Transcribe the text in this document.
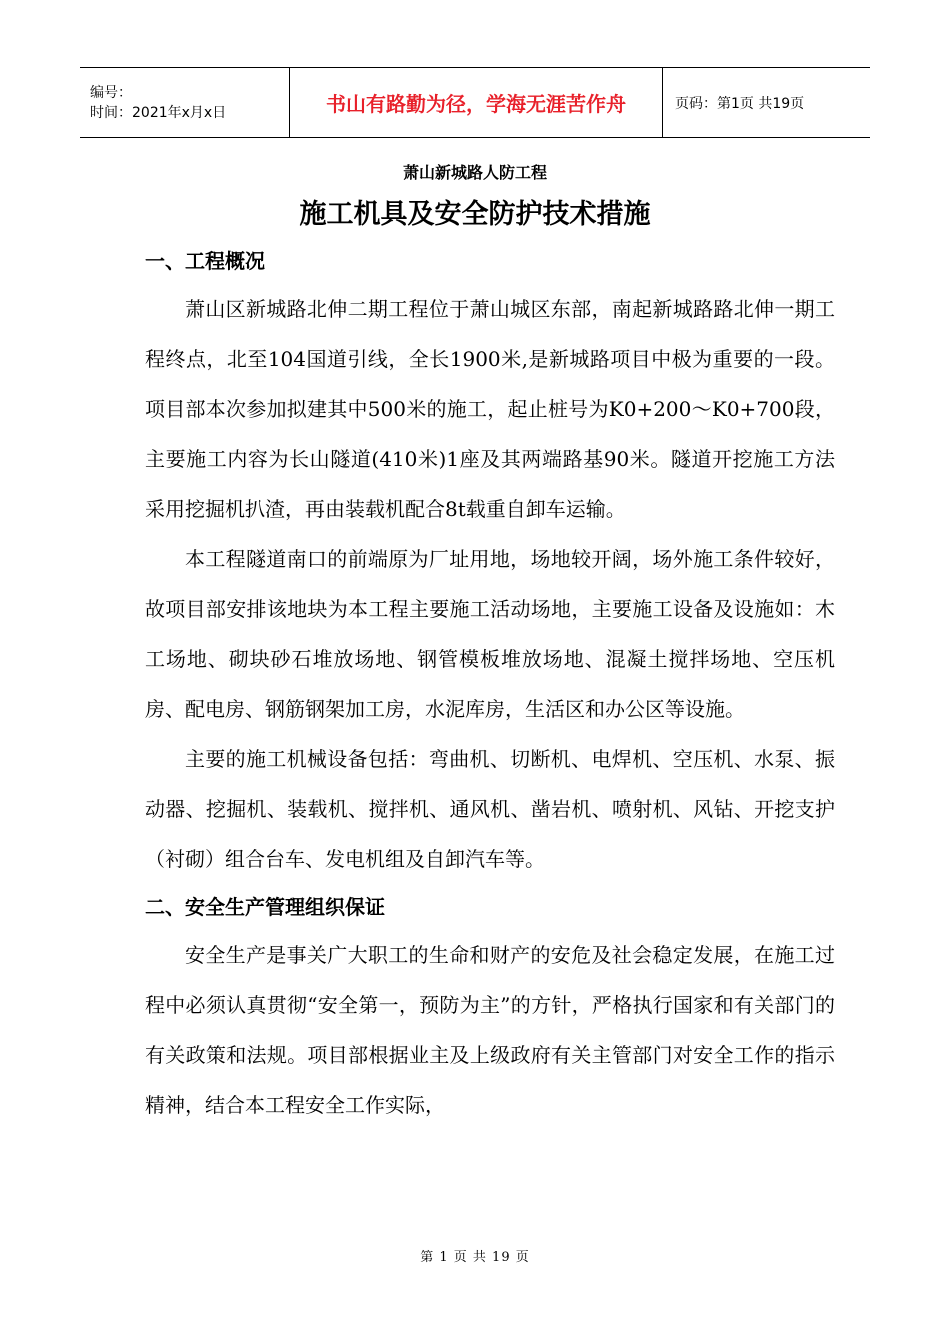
编号：
时间：2021年x月x日	书山有路勤为径，学海无涯苦作舟	页码：第1页 共19页
萧山新城路人防工程
施工机具及安全防护技术措施
一、工程概况

萧山区新城路北伸二期工程位于萧山城区东部，南起新城路路北伸一期工程终点，北至104国道引线，全长1900米,是新城路项目中极为重要的一段。项目部本次参加拟建其中500米的施工，起止桩号为K0+200～K0+700段，主要施工内容为长山隧道(410米)1座及其两端路基90米。隧道开挖施工方法采用挖掘机扒渣，再由装载机配合8t载重自卸车运输。

本工程隧道南口的前端原为厂址用地，场地较开阔，场外施工条件较好，故项目部安排该地块为本工程主要施工活动场地，主要施工设备及设施如：木工场地、砌块砂石堆放场地、钢管模板堆放场地、混凝土搅拌场地、空压机房、配电房、钢筋钢架加工房，水泥库房，生活区和办公区等设施。

主要的施工机械设备包括：弯曲机、切断机、电焊机、空压机、水泵、振动器、挖掘机、装载机、搅拌机、通风机、凿岩机、喷射机、风钻、开挖支护（衬砌）组合台车、发电机组及自卸汽车等。

二、安全生产管理组织保证

安全生产是事关广大职工的生命和财产的安危及社会稳定发展，在施工过程中必须认真贯彻“安全第一，预防为主”的方针，严格执行国家和有关部门的有关政策和法规。项目部根据业主及上级政府有关主管部门对安全工作的指示精神，结合本工程安全工作实际，

第 1 页 共 19 页
